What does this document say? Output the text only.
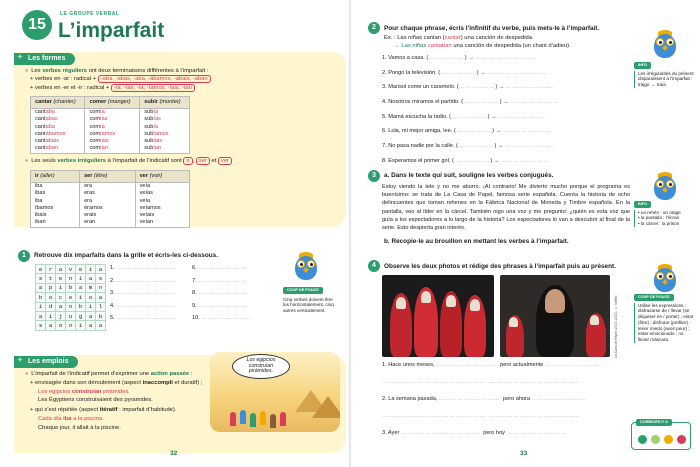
15
LE GROUPE VERBAL
L’imparfait
✦ Les formes
» Les verbes réguliers ont deux terminaisons différentes à l’imparfait :
+ verbes en -ar : radical + -aba, -abas, -aba, -ábamos, -abais, -aban
+ verbes en -er et -ir : radical + -ía, -ías, -ía, -íamos, -íais, -ían
cantar (chanter)	comer (manger)	subir (monter)
cantaba	comía	subía
cantabas	comías	subías
cantaba	comía	subía
cantábamos	comíamos	subíamos
cantabais	comíais	subíais
cantaban	comían	subían
» Les seuls verbes irréguliers à l’imparfait de l’indicatif sont ir , ser et ver
ir (aller)	ser (être)	ver (voir)
iba	era	veía
ibas	eras	veías
iba	era	veía
íbamos	éramos	veíamos
ibais	erais	veíais
iban	eran	veían
1	Retrouve dix imparfaits dans la grille et écris-les ci-dessous.
e	r	a	v	e	í	a
s	t	e	n	í	a	s
a	p	í	b	a	m	n
b	o	c	e	í	o	a
í	d	a	o	b	i	l
a	í	j	u	g	a	b
s	a	o	o	í	a	a
1. …………………………
2. …………………………
3. …………………………
4. …………………………
5. …………………………
6. ……………………
7. ……………………
8. ……………………
9. ……………………
10. ……………………
COUP DE POUCE
Cinq verbes doivent être lus horizontalement, cinq autres verticalement.
✦ Les emplois
» L’imparfait de l’indicatif permet d’exprimer une action passée :
+ envisagée dans son déroulement (aspect inaccompli et duratif) ;
Los egipcios construían pirámides.
Les Égyptiens construisaient des pyramides.
+ qui s’est répétée (aspect itératif : imparfait d’habitude).
Cada día iba a la piscina.
Chaque jour, il allait à la piscine.
Los egipcios construían pirámides.
32
2	Pour chaque phrase, écris l’infinitif du verbe, puis mets-le à l’imparfait.
Ex. : Las niñas cantan (cantar) una canción de despedida.
→ Las niñas cantaban una canción de despedida (un chant d’adieu).
1. Vamos a casa. (………………) → …………………………
2. Pongo la televisión. (………………) → …………………………
3. Marisol come un caramelo. (………………) → ……………………
4. Nosotros miramos el partido. (………………) → ……………………
5. Mamá escucha la radio. (………………) → ……………………
6. Lola, mi mejor amiga, lee. (………………) → ……………………
7. No pasa nadie por la calle. (………………) → ……………………
8. Esperamos el primer gol. (………………) → ……………………
INFO
Les irrégularités du présent disparaissent à l’imparfait :
trajgo → traía
3	a. Dans le texte qui suit, souligne les verbes conjugués.
Estoy viendo la tele y no me aburro. ¡Al contrario! Me divierto mucho porque el programa es buenísimo: se trata de La Casa de Papel, famosa serie española. Cuenta la historia de ocho delincuentes que toman rehenes en la Fábrica Nacional de Moneda y Timbre española. En la pantalla, veo al líder en la cárcel. También oigo una voz y me pregunto: ¿quién es esta voz que guía a los espectadores a lo largo de la historia? Los espectadores lo van a descubrir al final de la serie. Esto despierta gran interés.
b. Recopie-le au brouillon en mettant les verbes à l’imparfait.
INFO
• un rehén : un otage
• la pantalla : l’écran
• la cárcel : la prison
4	Observe les deux photos et rédige des phrases à l’imparfait puis au présent.
La Casa de Papel (2017-2021), © Netflix	COUP DE POUCE
Utilise les expressions : disfrazarse de / llevar (se déguiser en / porter) ; estar (être) ; disfrutar (profiter) ; tener miedo (avoir peur) ; estar emocionado ; no llevar máscara.
1. Hace unos meses, ………………………… pero actualmente ………………………
…………………………………………… ………………………………………
2. La semana pasada, ………………………… pero ahora ………………………
…………………………………………… ………………………………………
3. Ayer ………………………………… pero hoy …………………………
33
CORRIGÉS P. 8
